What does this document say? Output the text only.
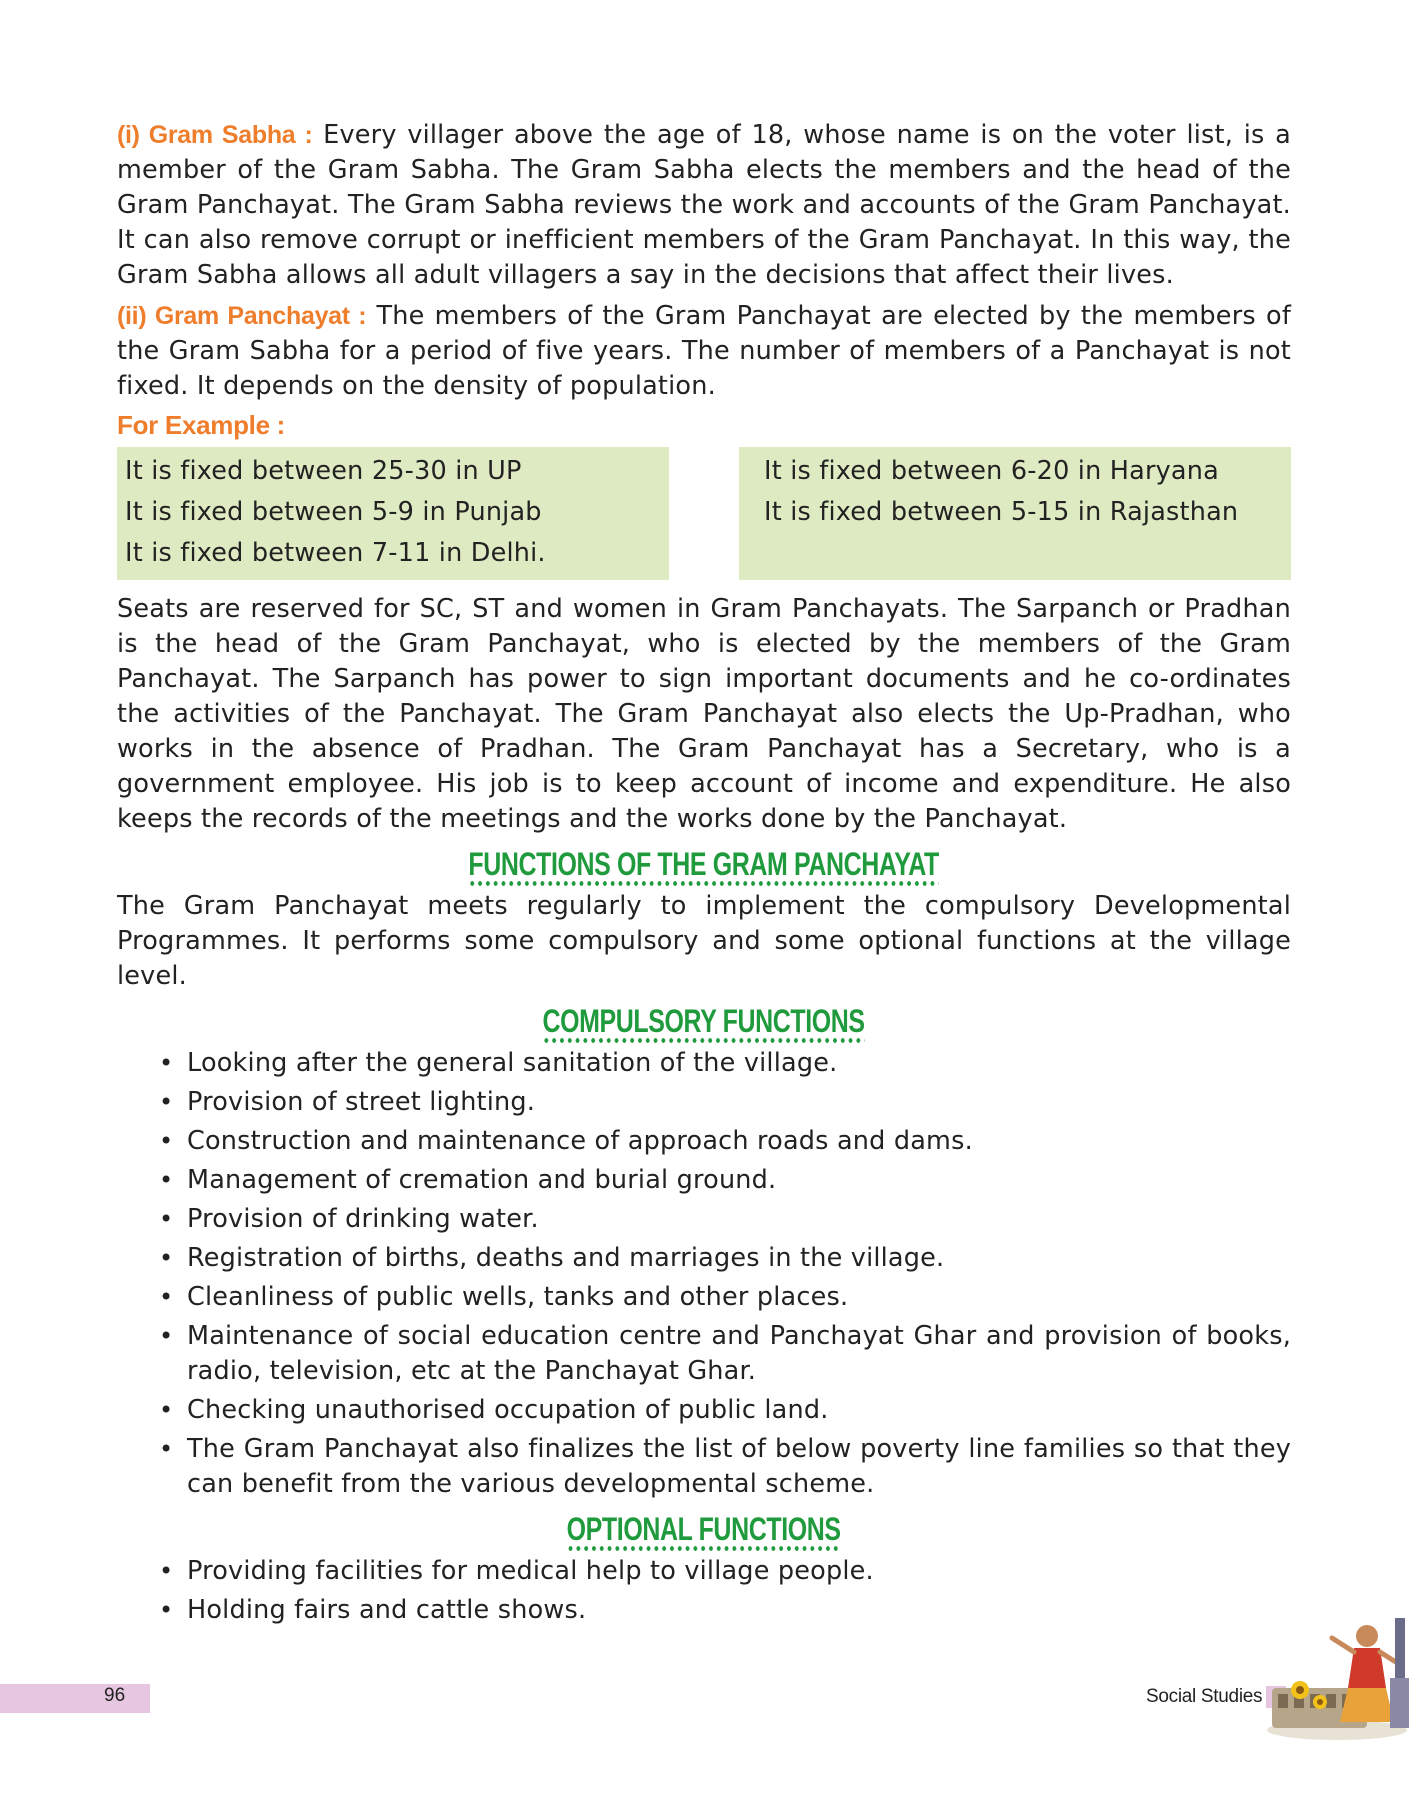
(i) Gram Sabha : Every villager above the age of 18, whose name is on the voter list, is a member of the Gram Sabha. The Gram Sabha elects the members and the head of the Gram Panchayat. The Gram Sabha reviews the work and accounts of the Gram Panchayat. It can also remove corrupt or inefficient members of the Gram Panchayat. In this way, the Gram Sabha allows all adult villagers a say in the decisions that affect their lives.

(ii) Gram Panchayat : The members of the Gram Panchayat are elected by the members of the Gram Sabha for a period of five years. The number of members of a Panchayat is not fixed. It depends on the density of population.

For Example :
It is fixed between 25-30 in UP
It is fixed between 5-9 in Punjab
It is fixed between 7-11 in Delhi.
It is fixed between 6-20 in Haryana
It is fixed between 5-15 in Rajasthan

Seats are reserved for SC, ST and women in Gram Panchayats. The Sarpanch or Pradhan is the head of the Gram Panchayat, who is elected by the members of the Gram Panchayat. The Sarpanch has power to sign important documents and he co-ordinates the activities of the Panchayat. The Gram Panchayat also elects the Up-Pradhan, who works in the absence of Pradhan. The Gram Panchayat has a Secretary, who is a government employee. His job is to keep account of income and expenditure. He also keeps the records of the meetings and the works done by the Panchayat.

FUNCTIONS OF THE GRAM PANCHAYAT

The Gram Panchayat meets regularly to implement the compulsory Developmental Programmes. It performs some compulsory and some optional functions at the village level.

COMPULSORY FUNCTIONS
• Looking after the general sanitation of the village.
• Provision of street lighting.
• Construction and maintenance of approach roads and dams.
• Management of cremation and burial ground.
• Provision of drinking water.
• Registration of births, deaths and marriages in the village.
• Cleanliness of public wells, tanks and other places.
• Maintenance of social education centre and Panchayat Ghar and provision of books, radio, television, etc at the Panchayat Ghar.
• Checking unauthorised occupation of public land.
• The Gram Panchayat also finalizes the list of below poverty line families so that they can benefit from the various developmental scheme.
OPTIONAL FUNCTIONS
• Providing facilities for medical help to village people.
• Holding fairs and cattle shows.
96	Social Studies
